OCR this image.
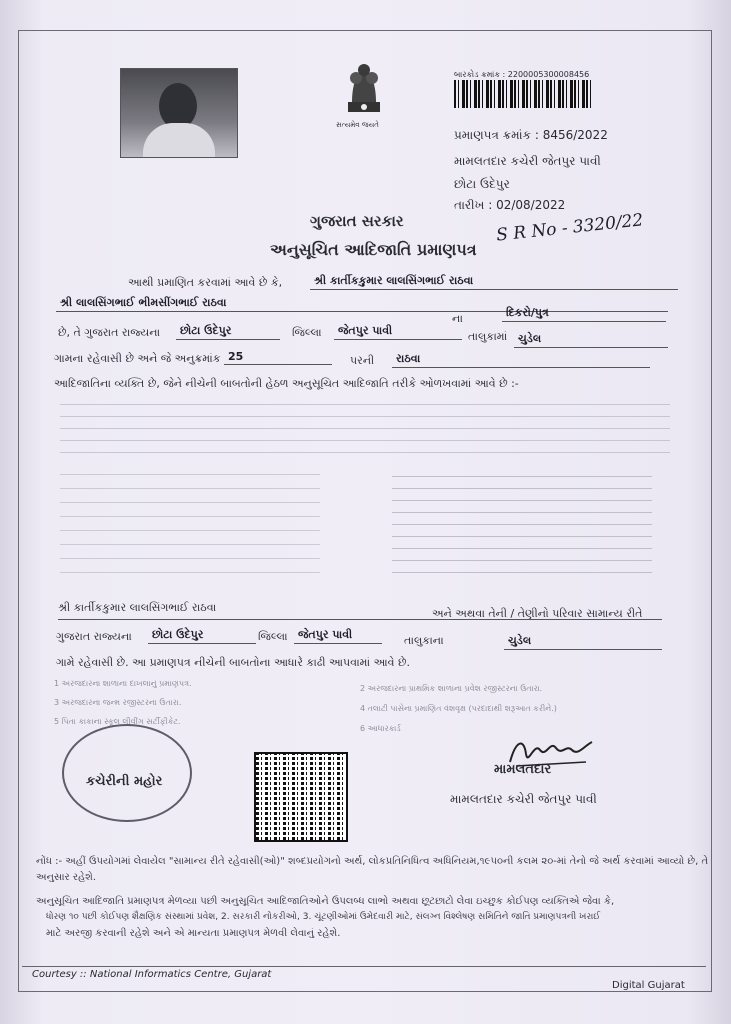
સત્યમેવ જયતે
બારકોડ ક્રમાંક : 2200005300008456
પ્રમાણપત્ર ક્રમાંક : 8456/2022
મામલતદાર કચેરી જેતપુર પાવી
છોટા ઉદેપુર
તારીખ : 02/08/2022
ગુજરાત સરકાર
અનુસૂચિત આદિજાતિ પ્રમાણપત્ર
S R No - 3320/22
આથી પ્રમાણિત કરવામાં આવે છે કે,	શ્રી કાર્તીકકુમાર લાલસિંગભાઈ રાઠવા
શ્રી લાલસિંગભાઈ ભીમસીંગભાઈ રાઠવા
ના	દિકરો/પુત્ર
છે, તે ગુજરાત રાજ્યના	છોટા ઉદેપુર	જિલ્લા	જેતપુર પાવી	તાલુકામાં ચુડેલ
ગામના રહેવાસી છે અને જે અનુક્રમાંક 25	પરની	રાઠવા
આદિજાતિના વ્યક્તિ છે, જેને નીચેની બાબતોની હેઠળ અનુસૂચિત આદિજાતિ તરીકે ઓળખવામાં આવે છે :-
શ્રી કાર્તીકકુમાર લાલસિંગભાઈ રાઠવા	અને અથવા તેની / તેણીનો પરિવાર સામાન્ય રીતે
ગુજરાત રાજ્યના	છોટા ઉદેપુર	જિલ્લા જેતપુર પાવી	તાલુકાના	ચુડેલ
ગામે રહેવાસી છે. આ પ્રમાણપત્ર નીચેની બાબતોના આધારે કાઢી આપવામાં આવે છે.
1 અરજદારના શાળાના દાખલાનું પ્રમાણપત્ર.
2 અરજદારના પ્રાથમિક શાળાના પ્રવેશ રજીસ્ટરના ઉતારા.
3 અરજદારના જન્મ રજીસ્ટરના ઉતારા.
4 તલાટી પાસેના પ્રમાણિત વંશવૃક્ષ (પરદાદાથી શરૂઆત કરીને.)
5 પિતા કાકાના સ્કૂલ લીવીંગ સર્ટીફીકેટ.
6 આધારકાર્ડ
કચેરીની મહોર
મામલતદાર
મામલતદાર કચેરી જેતપુર પાવી
નોંધ :- અહીં ઉપયોગમાં લેવાયેલ "સામાન્ય રીતે રહેવાસી(ઓ)" શબ્દપ્રયોગનો અર્થ, લોકપ્રતિનિધિત્વ અધિનિયમ,૧૯૫૦ની કલમ ૨૦-માં તેનો જે અર્થ કરવામાં આવ્યો છે, તે
અનુસાર રહેશે.
અનુસૂચિત આદિજાતિ પ્રમાણપત્ર મેળવ્યા પછી અનુસૂચિત આદિજાતિઓને ઉપલબ્ધ લાભો અથવા છૂટછાટો લેવા ઇચ્છુક કોઈપણ વ્યક્તિએ જેવા કે,
ધોરણ ૧૦ પછી કોઈપણ શૈક્ષણિક સંસ્થામાં પ્રવેશ, 2. સરકારી નોકરીઓ, 3. ચૂંટણીઓમાં ઉમેદવારી માટે, સંલગ્ન વિશ્લેષણ સમિતિને જાતિ પ્રમાણપત્રની ખરાઈ
માટે અરજી કરવાની રહેશે અને એ માન્યતા પ્રમાણપત્ર મેળવી લેવાનું રહેશે.
Courtesy :: National Informatics Centre, Gujarat
Digital Gujarat
